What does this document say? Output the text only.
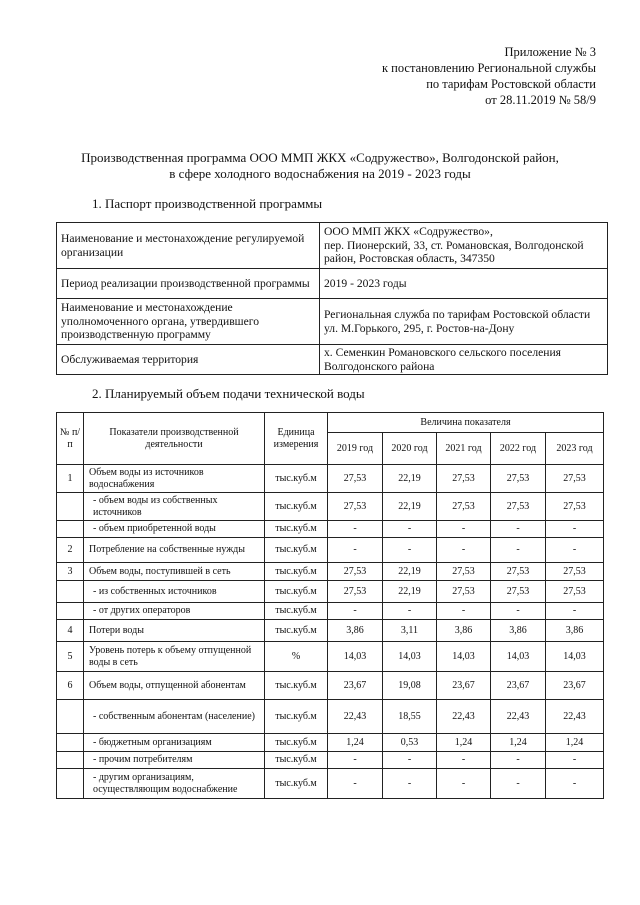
Приложение № 3
к постановлению Региональной службы
по тарифам Ростовской области
от 28.11.2019 № 58/9
Производственная программа ООО ММП ЖКХ «Содружество», Волгодонской район,
в сфере холодного водоснабжения на 2019 - 2023 годы
1. Паспорт производственной программы
Наименование и местонахождение регулируемой организации	ООО ММП ЖКХ «Содружество»,
пер. Пионерский, 33, ст. Романовская, Волгодонской район, Ростовская область, 347350

Период реализации производственной программы	2019 - 2023 годы
Наименование и местонахождение уполномоченного органа, утвердившего производственную программу	Региональная служба по тарифам Ростовской области
ул. М.Горького, 295, г. Ростов-на-Дону

Обслуживаемая территория	х. Семенкин Романовского сельского поселения
Волгодонского района
2. Планируемый объем подачи технической воды
№ п/п	Показатели производственной деятельности	Единица измерения	Величина показателя				
			2019 год	2020 год	2021 год	2022 год	2023 год
1	Объем воды из источников водоснабжения	тыс.куб.м	27,53	22,19	27,53	27,53	27,53
	- объем воды из собственных источников	тыс.куб.м	27,53	22,19	27,53	27,53	27,53
	- объем приобретенной воды	тыс.куб.м	-	-	-	-	-
2	Потребление на собственные нужды	тыс.куб.м	-	-	-	-	-
3	Объем воды, поступившей в сеть	тыс.куб.м	27,53	22,19	27,53	27,53	27,53
	- из собственных источников	тыс.куб.м	27,53	22,19	27,53	27,53	27,53
	- от других операторов	тыс.куб.м	-	-	-	-	-
4	Потери воды	тыс.куб.м	3,86	3,11	3,86	3,86	3,86
5	Уровень потерь к объему отпущенной воды в сеть	%	14,03	14,03	14,03	14,03	14,03
6	Объем воды, отпущенной абонентам	тыс.куб.м	23,67	19,08	23,67	23,67	23,67
	- собственным абонентам (население)	тыс.куб.м	22,43	18,55	22,43	22,43	22,43
	- бюджетным организациям	тыс.куб.м	1,24	0,53	1,24	1,24	1,24
	- прочим потребителям	тыс.куб.м	-	-	-	-	-
	- другим организациям, осуществляющим водоснабжение	тыс.куб.м	-	-	-	-	-
